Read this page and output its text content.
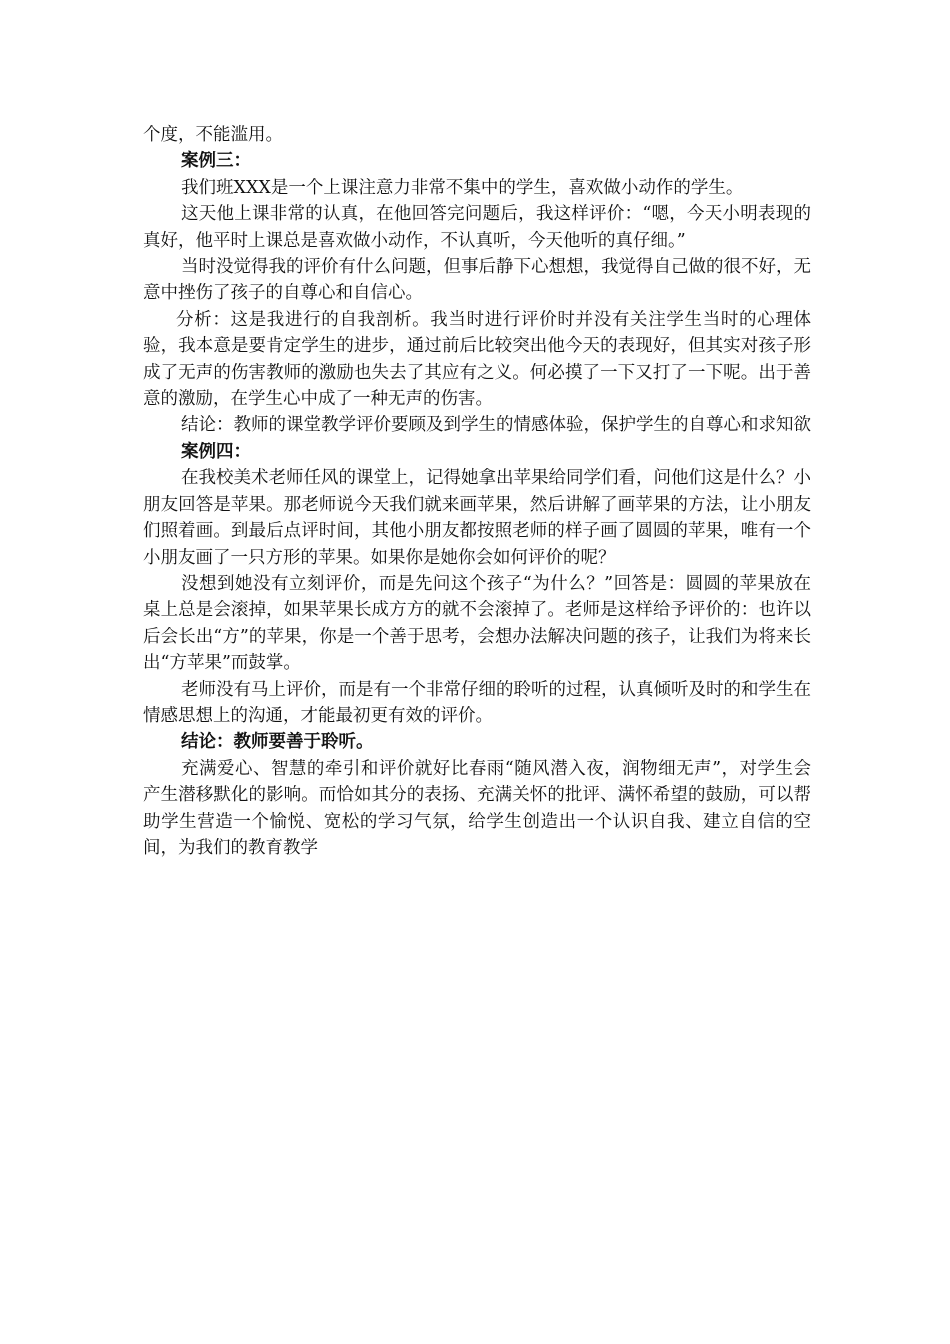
个度，不能滥用。

案例三：

我们班XXX是一个上课注意力非常不集中的学生，喜欢做小动作的学生。

这天他上课非常的认真，在他回答完问题后，我这样评价：“嗯，今天小明表现的真好，他平时上课总是喜欢做小动作，不认真听，今天他听的真仔细。”

当时没觉得我的评价有什么问题，但事后静下心想想，我觉得自己做的很不好，无意中挫伤了孩子的自尊心和自信心。

分析：这是我进行的自我剖析。我当时进行评价时并没有关注学生当时的心理体验，我本意是要肯定学生的进步，通过前后比较突出他今天的表现好，但其实对孩子形成了无声的伤害教师的激励也失去了其应有之义。何必摸了一下又打了一下呢。出于善意的激励，在学生心中成了一种无声的伤害。

结论：教师的课堂教学评价要顾及到学生的情感体验，保护学生的自尊心和求知欲

案例四：

在我校美术老师任风的课堂上，记得她拿出苹果给同学们看，问他们这是什么？小朋友回答是苹果。那老师说今天我们就来画苹果，然后讲解了画苹果的方法，让小朋友们照着画。到最后点评时间，其他小朋友都按照老师的样子画了圆圆的苹果，唯有一个小朋友画了一只方形的苹果。如果你是她你会如何评价的呢？

没想到她没有立刻评价，而是先问这个孩子“为什么？”回答是：圆圆的苹果放在桌上总是会滚掉，如果苹果长成方方的就不会滚掉了。老师是这样给予评价的：也许以后会长出“方”的苹果，你是一个善于思考，会想办法解决问题的孩子，让我们为将来长出“方苹果”而鼓掌。

老师没有马上评价，而是有一个非常仔细的聆听的过程，认真倾听及时的和学生在情感思想上的沟通，才能最初更有效的评价。

结论：教师要善于聆听。

充满爱心、智慧的牵引和评价就好比春雨“随风潜入夜，润物细无声”，对学生会产生潜移默化的影响。而恰如其分的表扬、充满关怀的批评、满怀希望的鼓励，可以帮助学生营造一个愉悦、宽松的学习气氛，给学生创造出一个认识自我、建立自信的空间，为我们的教育教学
